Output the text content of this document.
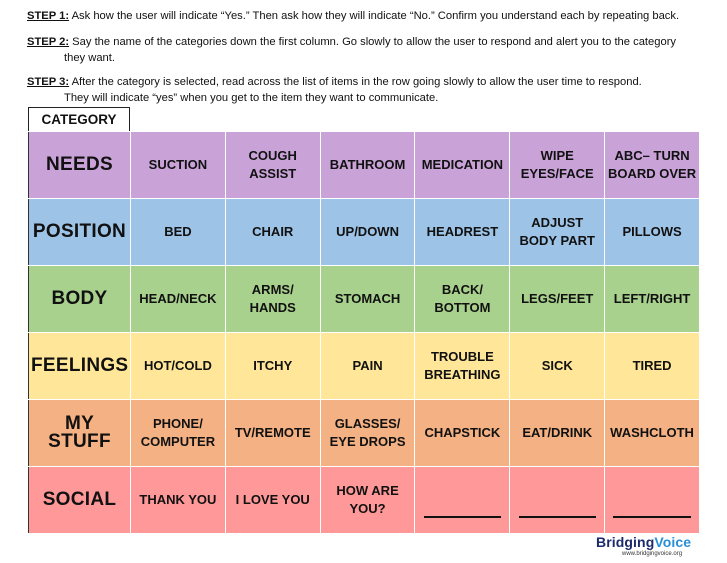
STEP 1: Ask how the user will indicate “Yes.” Then ask how they will indicate “No.” Confirm you understand each by repeating back.

STEP 2: Say the name of the categories down the first column. Go slowly to allow the user to respond and alert you to the category
they want.

STEP 3: After the category is selected, read across the list of items in the row going slowly to allow the user time to respond.
They will indicate “yes” when you get to the item they want to communicate.

CATEGORY
NEEDS	SUCTION	COUGH ASSIST	BATHROOM	MEDICATION	WIPE EYES/FACE	ABC– TURN BOARD OVER
POSITION	BED	CHAIR	UP/DOWN	HEADREST	ADJUST BODY PART	PILLOWS
BODY	HEAD/NECK	ARMS/ HANDS	STOMACH	BACK/ BOTTOM	LEGS/FEET	LEFT/RIGHT
FEELINGS	HOT/COLD	ITCHY	PAIN	TROUBLE BREATHING	SICK	TIRED
MY STUFF	PHONE/ COMPUTER	TV/REMOTE	GLASSES/ EYE DROPS	CHAPSTICK	EAT/DRINK	WASHCLOTH
SOCIAL	THANK YOU	I LOVE YOU	HOW ARE YOU?			
BridgingVoice
www.bridgingvoice.org
